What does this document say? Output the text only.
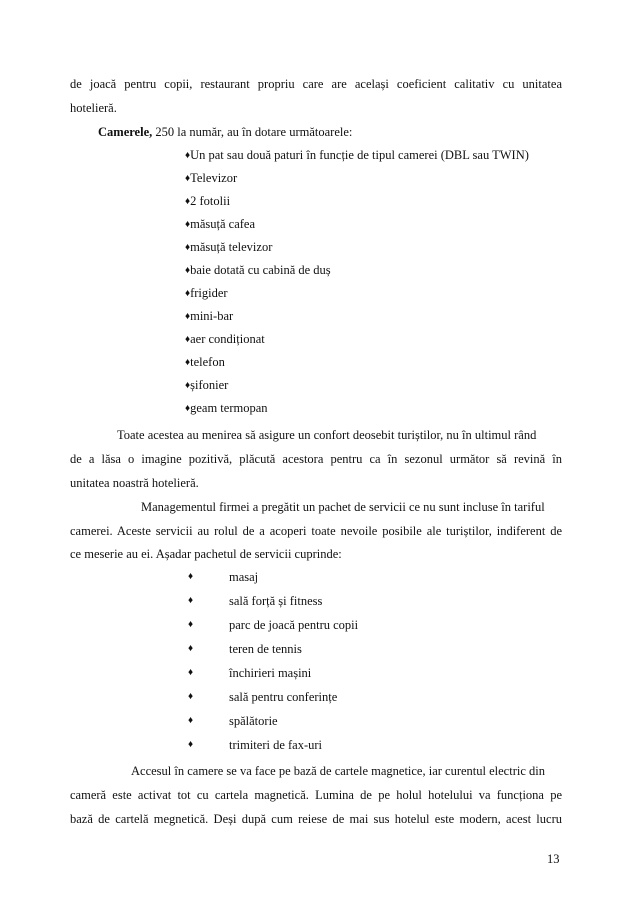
de joacă pentru copii, restaurant propriu care are același coeficient calitativ cu unitatea
hotelieră.
Camerele, 250 la număr, au în dotare următoarele:
♦Un pat sau două paturi în funcție de tipul camerei (DBL sau TWIN)
♦Televizor
♦2 fotolii
♦măsuță cafea
♦măsuță televizor
♦baie dotată cu cabină de duș
♦frigider
♦mini-bar
♦aer condiționat
♦telefon
♦șifonier
♦geam termopan
Toate acestea au menirea să asigure un confort deosebit turiștilor, nu în ultimul rând
de a lăsa o imagine pozitivă, plăcută acestora pentru ca în sezonul următor să revină în
unitatea noastră hotelieră.
Managementul firmei a pregătit un pachet de servicii ce nu sunt incluse în tariful
camerei. Aceste servicii au rolul de a acoperi toate nevoile posibile ale turiștilor, indiferent de
ce meserie au ei. Așadar pachetul de servicii cuprinde:
♦	masaj
♦	sală forță și fitness
♦	parc de joacă pentru copii
♦	teren de tennis
♦	închirieri mașini
♦	sală pentru conferințe
♦	spălătorie
♦	trimiteri de fax-uri
Accesul în camere se va face pe bază de cartele magnetice, iar curentul electric din
cameră este activat tot cu cartela magnetică. Lumina de pe holul hotelului va funcționa pe
bază de cartelă megnetică. Deși după cum reiese de mai sus hotelul este modern, acest lucru
13
